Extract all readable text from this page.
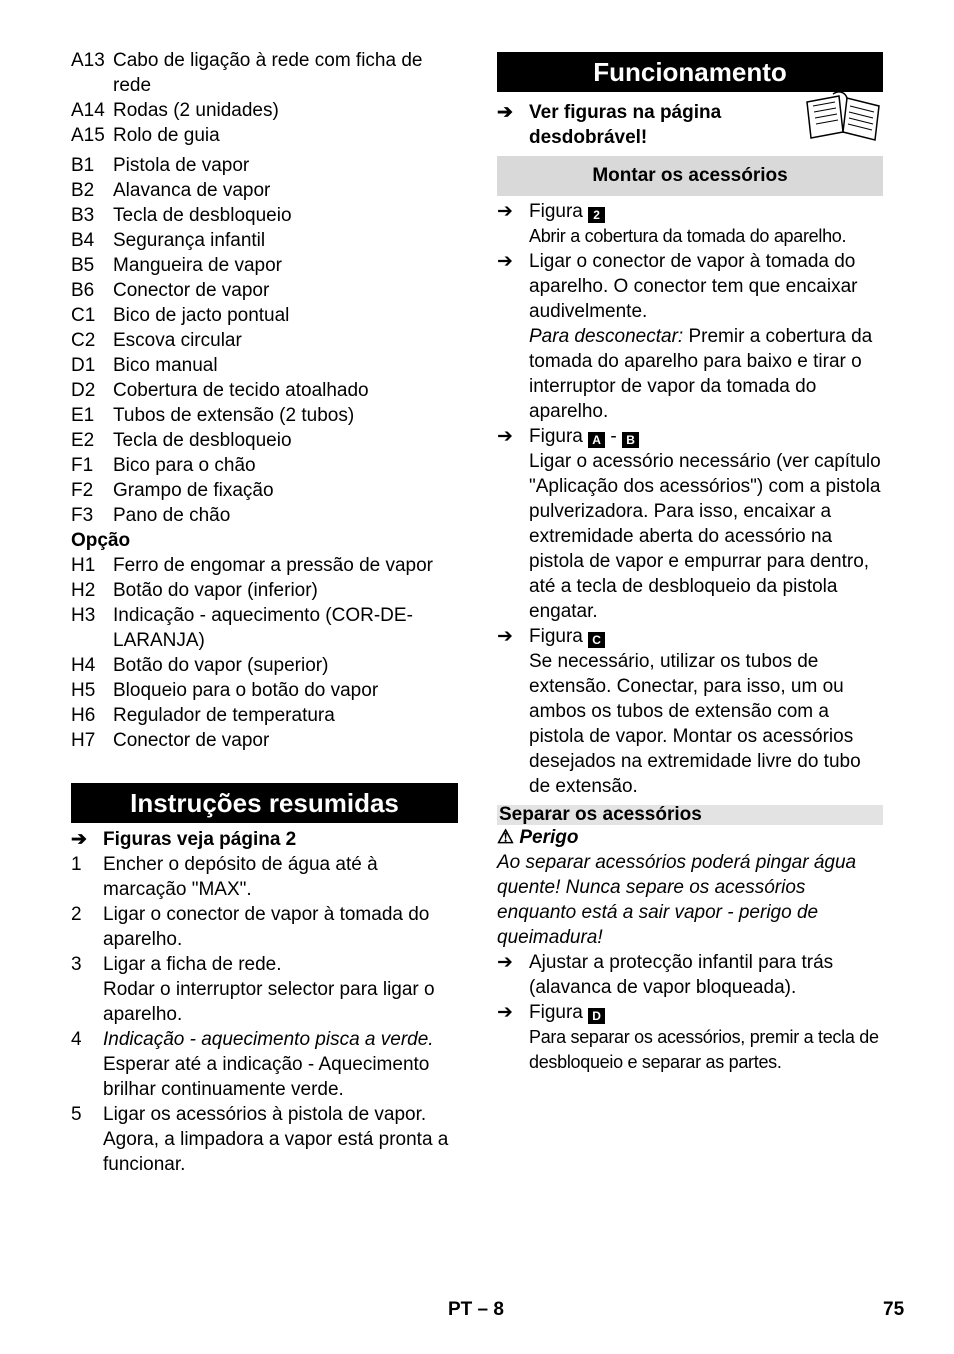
A13 Cabo de ligação à rede com ficha de rede
A14 Rodas (2 unidades)
A15 Rolo de guia
B1 Pistola de vapor
B2 Alavanca de vapor
B3 Tecla de desbloqueio
B4 Segurança infantil
B5 Mangueira de vapor
B6 Conector de vapor
C1 Bico de jacto pontual
C2 Escova circular
D1 Bico manual
D2 Cobertura de tecido atoalhado
E1 Tubos de extensão (2 tubos)
E2 Tecla de desbloqueio
F1	Bico para o chão
F2	Grampo de fixação
F3	Pano de chão
Opção
H1 Ferro de engomar a pressão de vapor
H2 Botão do vapor (inferior)
H3 Indicação - aquecimento (COR-DE-LARANJA)
H4 Botão do vapor (superior)
H5 Bloqueio para o botão do vapor
H6 Regulador de temperatura
H7 Conector de vapor
Instruções resumidas
➔ Figuras veja página 2
1	Encher o depósito de água até à marcação "MAX".
2	Ligar o conector de vapor à tomada do aparelho.
3	Ligar a ficha de rede.
Rodar o interruptor selector para ligar o aparelho.
4	Indicação - aquecimento pisca a verde.
Esperar até a indicação - Aquecimento brilhar continuamente verde.
5	Ligar os acessórios à pistola de vapor.
Agora, a limpadora a vapor está pronta a funcionar.
Funcionamento
➔ Ver figuras na página desdobrável!
Montar os acessórios
➔ Figura 2
Abrir a cobertura da tomada do aparelho.
➔ Ligar o conector de vapor à tomada do aparelho. O conector tem que encaixar audivelmente.
Para desconectar: Premir a cobertura da tomada do aparelho para baixo e tirar o interruptor de vapor da tomada do aparelho.
➔ Figura A - B
Ligar o acessório necessário (ver capítulo "Aplicação dos acessórios") com a pistola pulverizadora. Para isso, encaixar a extremidade aberta do acessório na pistola de vapor e empurrar para dentro, até a tecla de desbloqueio da pistola engatar.
➔ Figura C
Se necessário, utilizar os tubos de extensão. Conectar, para isso, um ou ambos os tubos de extensão com a pistola de vapor. Montar os acessórios desejados na extremidade livre do tubo de extensão.
Separar os acessórios
⚠ Perigo
Ao separar acessórios poderá pingar água quente! Nunca separe os acessórios enquanto está a sair vapor - perigo de queimadura!
➔ Ajustar a protecção infantil para trás (alavanca de vapor bloqueada).
➔ Figura D
Para separar os acessórios, premir a tecla de desbloqueio e separar as partes.
PT – 8	75
